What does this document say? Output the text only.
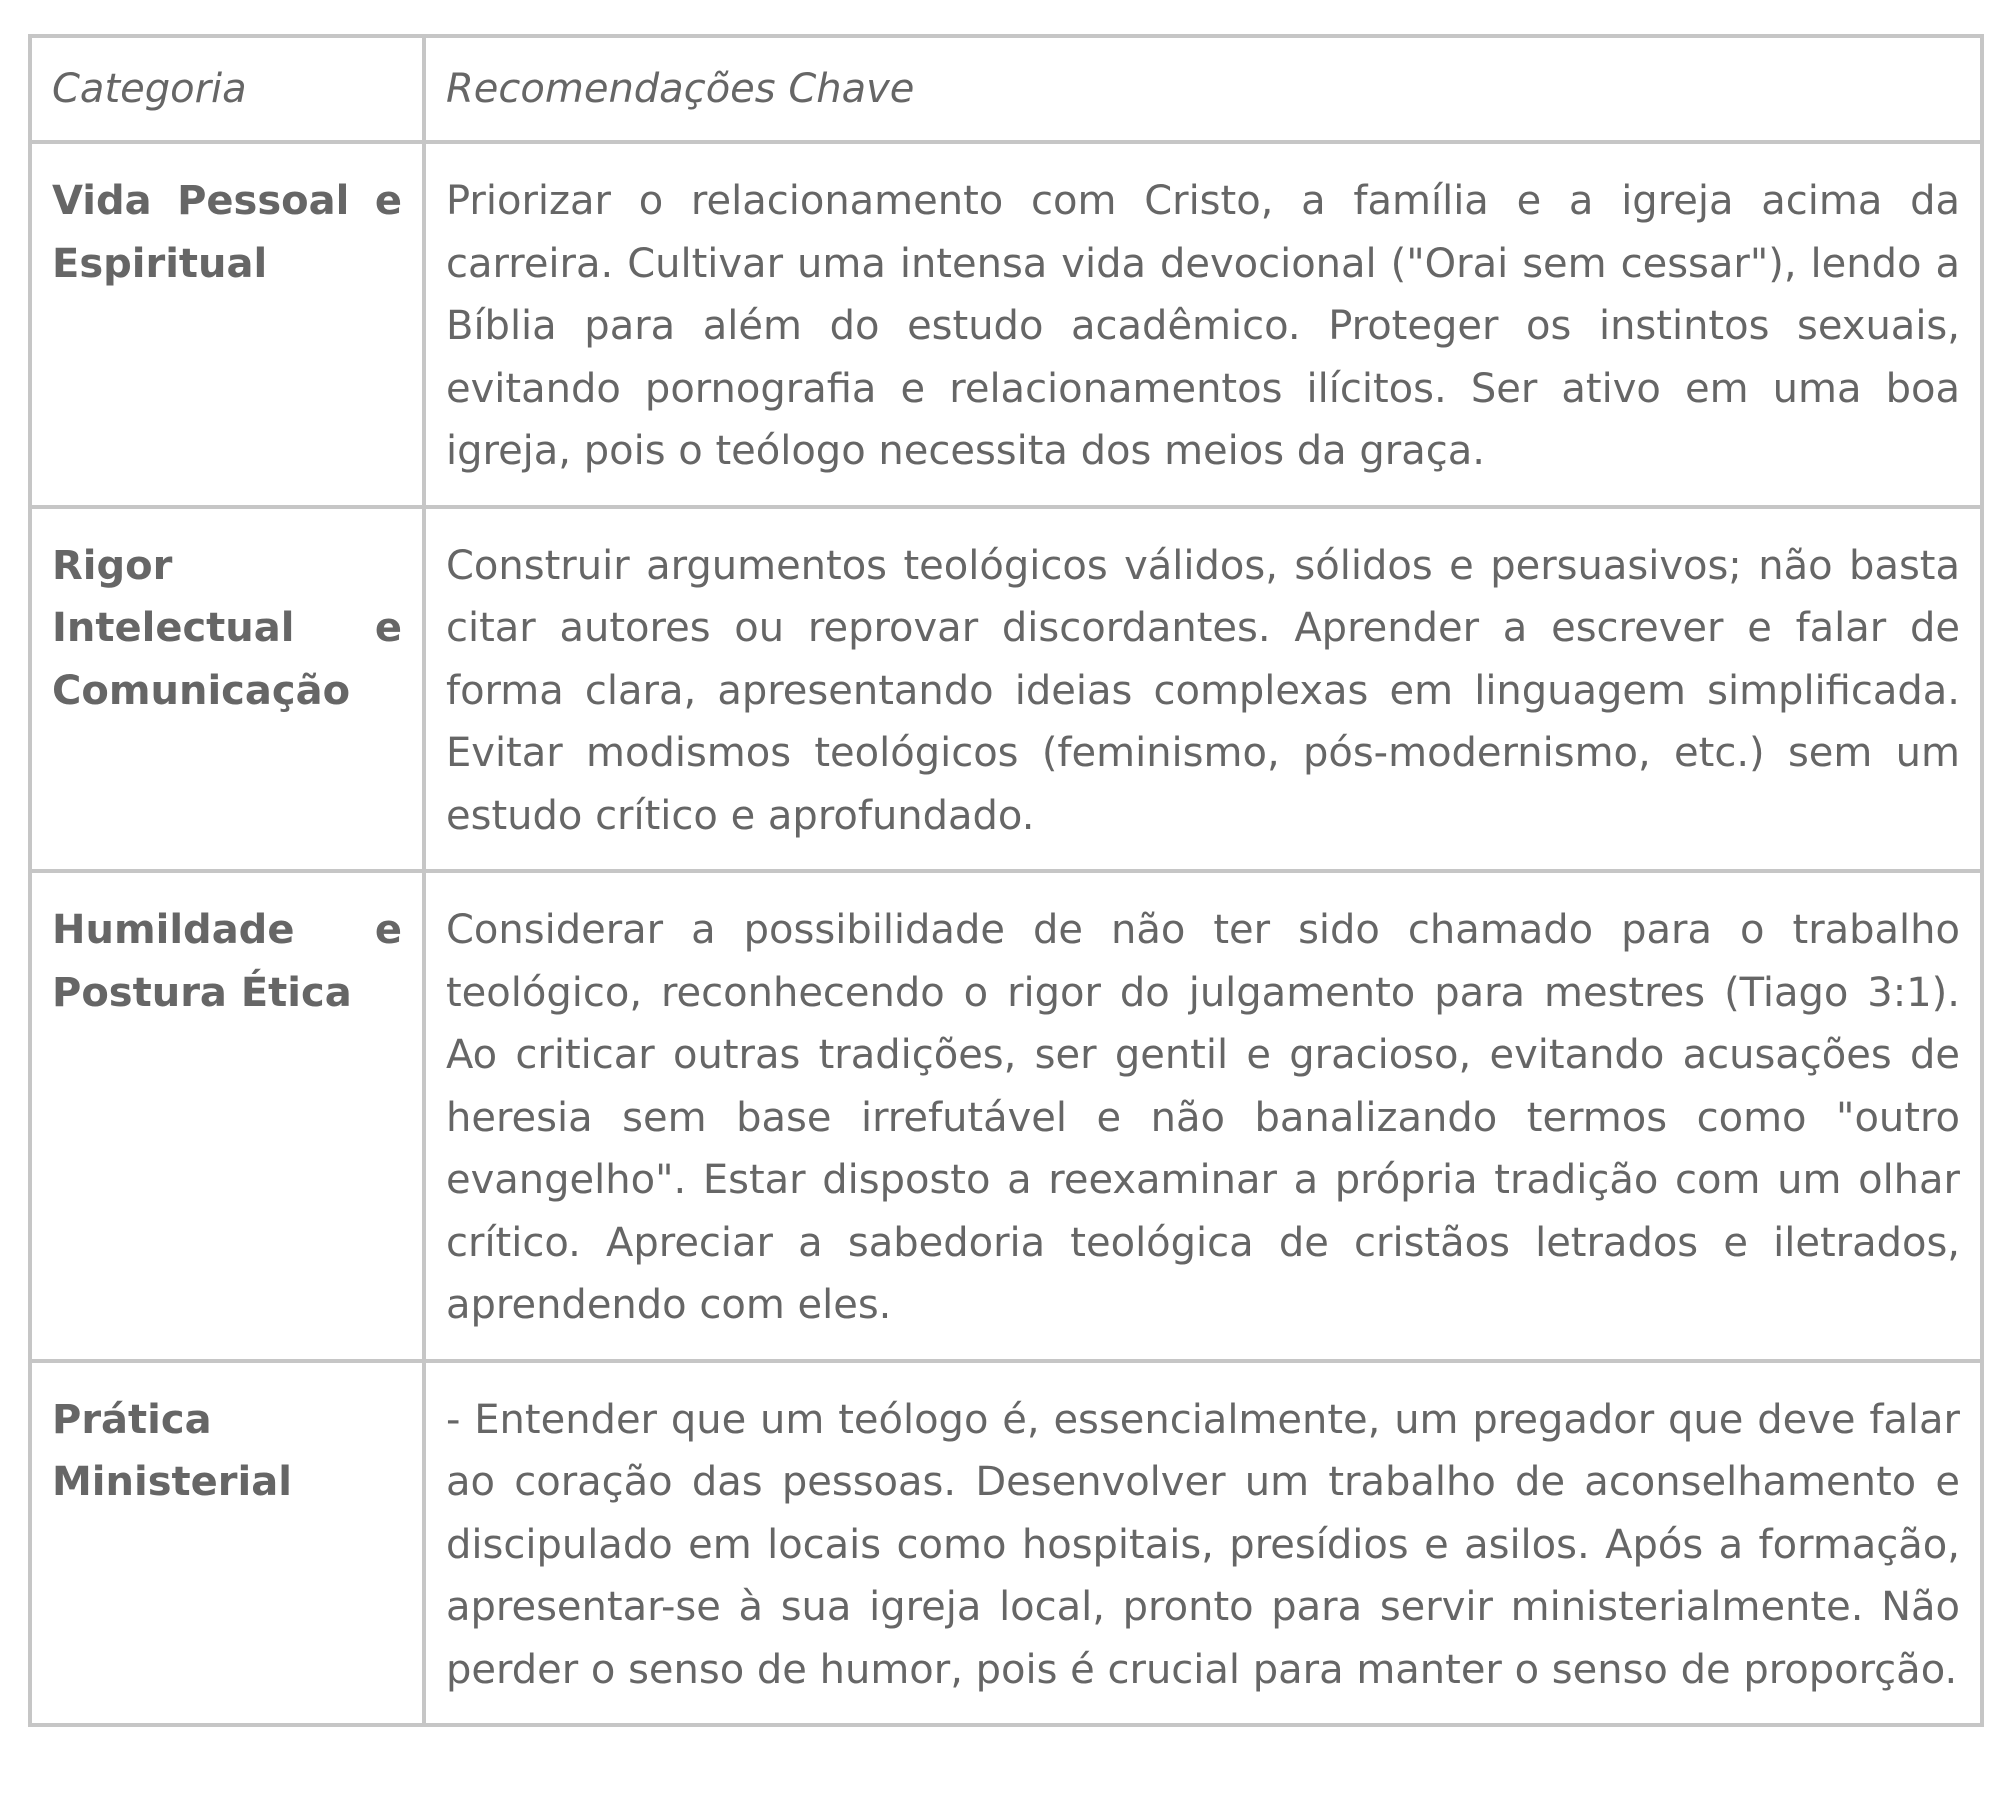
Categoria	Recomendações Chave
Vida Pessoal e Espiritual	Priorizar o relacionamento com Cristo, a família e a igreja acima da carreira. Cultivar uma intensa vida devocional ("Orai sem cessar"), lendo a Bíblia para além do estudo acadêmico. Proteger os instintos sexuais, evitando pornografia e relacionamentos ilícitos. Ser ativo em uma boa igreja, pois o teólogo necessita dos meios da graça.
Rigor Intelectual e Comunicação	Construir argumentos teológicos válidos, sólidos e persuasivos; não basta citar autores ou reprovar discordantes. Aprender a escrever e falar de forma clara, apresentando ideias complexas em linguagem simplificada. Evitar modismos teológicos (feminismo, pós-modernismo, etc.) sem um estudo crítico e aprofundado.
Humildade e Postura Ética	Considerar a possibilidade de não ter sido chamado para o trabalho teológico, reconhecendo o rigor do julgamento para mestres (Tiago 3:1). Ao criticar outras tradições, ser gentil e gracioso, evitando acusações de heresia sem base irrefutável e não banalizando termos como "outro evangelho". Estar disposto a reexaminar a própria tradição com um olhar crítico. Apreciar a sabedoria teológica de cristãos letrados e iletrados, aprendendo com eles.
Prática Ministerial	- Entender que um teólogo é, essencialmente, um pregador que deve falar ao coração das pessoas. Desenvolver um trabalho de aconselhamento e discipulado em locais como hospitais, presídios e asilos. Após a formação, apresentar-se à sua igreja local, pronto para servir ministerialmente. Não perder o senso de humor, pois é crucial para manter o senso de proporção.
